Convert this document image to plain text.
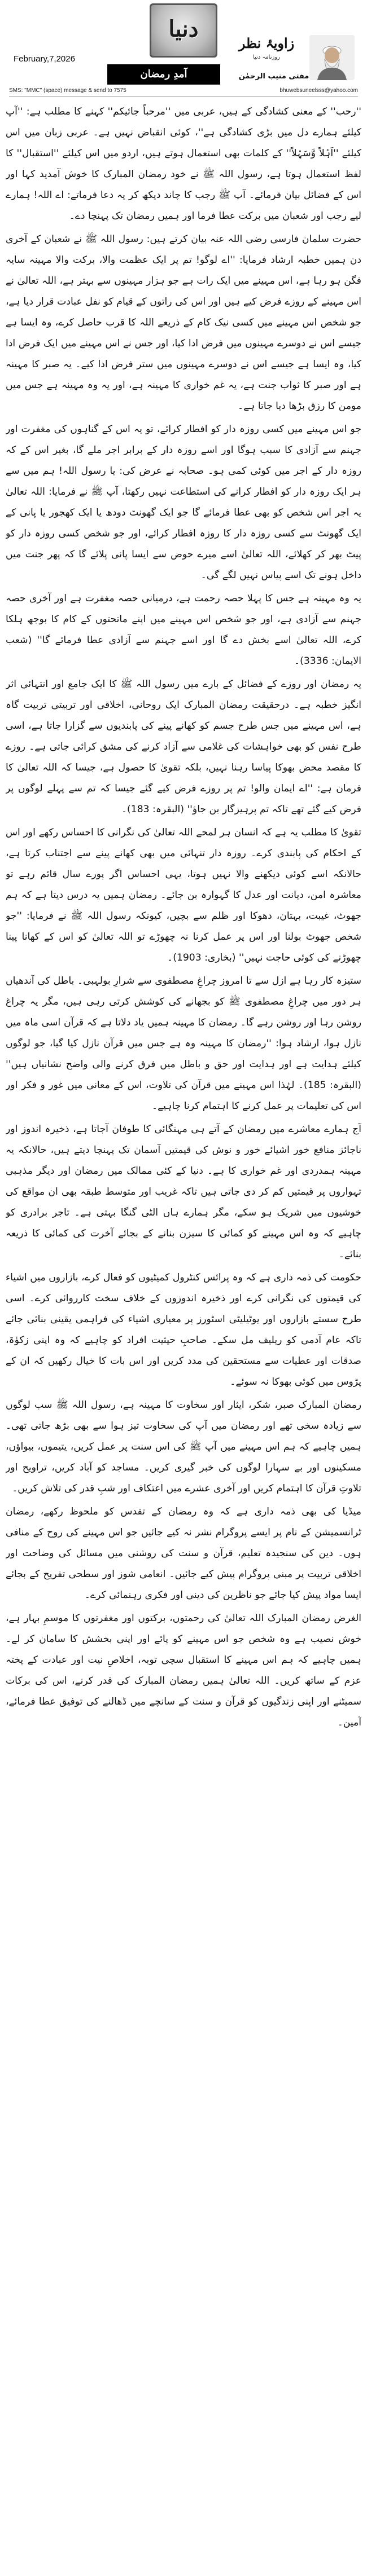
دنیا
زاویۂ نظر
روزنامہ دنیا
February,7,2026
آمدِ رمضان	مفتی منیب الرحمٰن
SMS: "MMC" (space) message & send to 7575	bhuwebsuneelsss@yahoo.com

''رحب'' کے معنی کشادگی کے ہیں، عربی میں ''مرحباً جائیکم'' کہنے کا مطلب ہے: ''آپ کیلئے ہمارے دل میں بڑی کشادگی ہے''، کوئی انقباض نہیں ہے۔ عربی زبان میں اس کیلئے ''اَہْلاً وَّسَہْلاً'' کے کلمات بھی استعمال ہوتے ہیں، اردو میں اس کیلئے ''استقبال'' کا لفظ استعمال ہوتا ہے، رسول اللہ ﷺ نے خود رمضان المبارک کا خوش آمدید کہا اور اس کے فضائل بیان فرمائے۔ آپ ﷺ رجب کا چاند دیکھ کر یہ دعا فرماتے: اے اللہ! ہمارے لیے رجب اور شعبان میں برکت عطا فرما اور ہمیں رمضان تک پہنچا دے۔

حضرت سلمان فارسی رضی اللہ عنہ بیان کرتے ہیں: رسول اللہ ﷺ نے شعبان کے آخری دن ہمیں خطبہ ارشاد فرمایا: ''اے لوگو! تم پر ایک عظمت والا، برکت والا مہینہ سایہ فگن ہو رہا ہے، اس مہینے میں ایک رات ہے جو ہزار مہینوں سے بہتر ہے، اللہ تعالیٰ نے اس مہینے کے روزے فرض کیے ہیں اور اس کی راتوں کے قیام کو نفل عبادت قرار دیا ہے، جو شخص اس مہینے میں کسی نیک کام کے ذریعے اللہ کا قرب حاصل کرے، وہ ایسا ہے جیسے اس نے دوسرے مہینوں میں فرض ادا کیا، اور جس نے اس مہینے میں ایک فرض ادا کیا، وہ ایسا ہے جیسے اس نے دوسرے مہینوں میں ستر فرض ادا کیے۔ یہ صبر کا مہینہ ہے اور صبر کا ثواب جنت ہے، یہ غم خواری کا مہینہ ہے، اور یہ وہ مہینہ ہے جس میں مومن کا رزق بڑھا دیا جاتا ہے۔

جو اس مہینے میں کسی روزہ دار کو افطار کرائے، تو یہ اس کے گناہوں کی مغفرت اور جہنم سے آزادی کا سبب ہوگا اور اسے روزہ دار کے برابر اجر ملے گا، بغیر اس کے کہ روزہ دار کے اجر میں کوئی کمی ہو۔ صحابہ نے عرض کی: یا رسول اللہ! ہم میں سے ہر ایک روزہ دار کو افطار کرانے کی استطاعت نہیں رکھتا، آپ ﷺ نے فرمایا: اللہ تعالیٰ یہ اجر اس شخص کو بھی عطا فرمائے گا جو ایک گھونٹ دودھ یا ایک کھجور یا پانی کے ایک گھونٹ سے کسی روزہ دار کا روزہ افطار کرائے، اور جو شخص کسی روزہ دار کو پیٹ بھر کر کھلائے، اللہ تعالیٰ اسے میرے حوض سے ایسا پانی پلائے گا کہ پھر جنت میں داخل ہونے تک اسے پیاس نہیں لگے گی۔

یہ وہ مہینہ ہے جس کا پہلا حصہ رحمت ہے، درمیانی حصہ مغفرت ہے اور آخری حصہ جہنم سے آزادی ہے، اور جو شخص اس مہینے میں اپنے ماتحتوں کے کام کا بوجھ ہلکا کرے، اللہ تعالیٰ اسے بخش دے گا اور اسے جہنم سے آزادی عطا فرمائے گا'' (شعب الایمان: 3336)۔

یہ رمضان اور روزے کے فضائل کے بارے میں رسول اللہ ﷺ کا ایک جامع اور انتہائی اثر انگیز خطبہ ہے۔ درحقیقت رمضان المبارک ایک روحانی، اخلاقی اور تربیتی تربیت گاہ ہے، اس مہینے میں جس طرح جسم کو کھانے پینے کی پابندیوں سے گزارا جاتا ہے، اسی طرح نفس کو بھی خواہشات کی غلامی سے آزاد کرنے کی مشق کرائی جاتی ہے۔ روزے کا مقصد محض بھوکا پیاسا رہنا نہیں، بلکہ تقویٰ کا حصول ہے، جیسا کہ اللہ تعالیٰ کا فرمان ہے: ''اے ایمان والو! تم پر روزے فرض کیے گئے جیسا کہ تم سے پہلے لوگوں پر فرض کیے گئے تھے تاکہ تم پرہیزگار بن جاؤ'' (البقرہ: 183)۔

تقویٰ کا مطلب یہ ہے کہ انسان ہر لمحے اللہ تعالیٰ کی نگرانی کا احساس رکھے اور اس کے احکام کی پابندی کرے۔ روزہ دار تنہائی میں بھی کھانے پینے سے اجتناب کرتا ہے، حالانکہ اسے کوئی دیکھنے والا نہیں ہوتا، یہی احساس اگر پورے سال قائم رہے تو معاشرہ امن، دیانت اور عدل کا گہوارہ بن جائے۔ رمضان ہمیں یہ درس دیتا ہے کہ ہم جھوٹ، غیبت، بہتان، دھوکا اور ظلم سے بچیں، کیونکہ رسول اللہ ﷺ نے فرمایا: ''جو شخص جھوٹ بولنا اور اس پر عمل کرنا نہ چھوڑے تو اللہ تعالیٰ کو اس کے کھانا پینا چھوڑنے کی کوئی حاجت نہیں'' (بخاری: 1903)۔

ستیزہ کار رہا ہے ازل سے تا امروز چراغِ مصطفوی سے شرارِ بولہبی۔ باطل کی آندھیاں ہر دور میں چراغِ مصطفوی ﷺ کو بجھانے کی کوشش کرتی رہی ہیں، مگر یہ چراغ روشن رہا اور روشن رہے گا۔ رمضان کا مہینہ ہمیں یاد دلاتا ہے کہ قرآن اسی ماہ میں نازل ہوا، ارشاد ہوا: ''رمضان کا مہینہ وہ ہے جس میں قرآن نازل کیا گیا، جو لوگوں کیلئے ہدایت ہے اور ہدایت اور حق و باطل میں فرق کرنے والی واضح نشانیاں ہیں'' (البقرہ: 185)۔ لہٰذا اس مہینے میں قرآن کی تلاوت، اس کے معانی میں غور و فکر اور اس کی تعلیمات پر عمل کرنے کا اہتمام کرنا چاہیے۔

آج ہمارے معاشرے میں رمضان کے آتے ہی مہنگائی کا طوفان آجاتا ہے، ذخیرہ اندوز اور ناجائز منافع خور اشیائے خور و نوش کی قیمتیں آسمان تک پہنچا دیتے ہیں، حالانکہ یہ مہینہ ہمدردی اور غم خواری کا ہے۔ دنیا کے کئی ممالک میں رمضان اور دیگر مذہبی تہواروں پر قیمتیں کم کر دی جاتی ہیں تاکہ غریب اور متوسط طبقہ بھی ان مواقع کی خوشیوں میں شریک ہو سکے، مگر ہمارے ہاں الٹی گنگا بہتی ہے۔ تاجر برادری کو چاہیے کہ وہ اس مہینے کو کمائی کا سیزن بنانے کے بجائے آخرت کی کمائی کا ذریعہ بنائے۔

حکومت کی ذمہ داری ہے کہ وہ پرائس کنٹرول کمیٹیوں کو فعال کرے، بازاروں میں اشیاء کی قیمتوں کی نگرانی کرے اور ذخیرہ اندوزوں کے خلاف سخت کارروائی کرے۔ اسی طرح سستے بازاروں اور یوٹیلیٹی اسٹورز پر معیاری اشیاء کی فراہمی یقینی بنائی جائے تاکہ عام آدمی کو ریلیف مل سکے۔ صاحبِ حیثیت افراد کو چاہیے کہ وہ اپنی زکوٰۃ، صدقات اور عطیات سے مستحقین کی مدد کریں اور اس بات کا خیال رکھیں کہ ان کے پڑوس میں کوئی بھوکا نہ سوئے۔

رمضان المبارک صبر، شکر، ایثار اور سخاوت کا مہینہ ہے، رسول اللہ ﷺ سب لوگوں سے زیادہ سخی تھے اور رمضان میں آپ کی سخاوت تیز ہوا سے بھی بڑھ جاتی تھی۔ ہمیں چاہیے کہ ہم اس مہینے میں آپ ﷺ کی اس سنت پر عمل کریں، یتیموں، بیواؤں، مسکینوں اور بے سہارا لوگوں کی خبر گیری کریں۔ مساجد کو آباد کریں، تراویح اور تلاوتِ قرآن کا اہتمام کریں اور آخری عشرے میں اعتکاف اور شبِ قدر کی تلاش کریں۔

میڈیا کی بھی ذمہ داری ہے کہ وہ رمضان کے تقدس کو ملحوظ رکھے، رمضان ٹرانسمیشن کے نام پر ایسے پروگرام نشر نہ کیے جائیں جو اس مہینے کی روح کے منافی ہوں۔ دین کی سنجیدہ تعلیم، قرآن و سنت کی روشنی میں مسائل کی وضاحت اور اخلاقی تربیت پر مبنی پروگرام پیش کیے جائیں۔ انعامی شوز اور سطحی تفریح کے بجائے ایسا مواد پیش کیا جائے جو ناظرین کی دینی اور فکری رہنمائی کرے۔

الغرض رمضان المبارک اللہ تعالیٰ کی رحمتوں، برکتوں اور مغفرتوں کا موسمِ بہار ہے، خوش نصیب ہے وہ شخص جو اس مہینے کو پائے اور اپنی بخشش کا سامان کر لے۔ ہمیں چاہیے کہ ہم اس مہینے کا استقبال سچی توبہ، اخلاصِ نیت اور عبادت کے پختہ عزم کے ساتھ کریں۔ اللہ تعالیٰ ہمیں رمضان المبارک کی قدر کرنے، اس کی برکات سمیٹنے اور اپنی زندگیوں کو قرآن و سنت کے سانچے میں ڈھالنے کی توفیق عطا فرمائے، آمین۔
